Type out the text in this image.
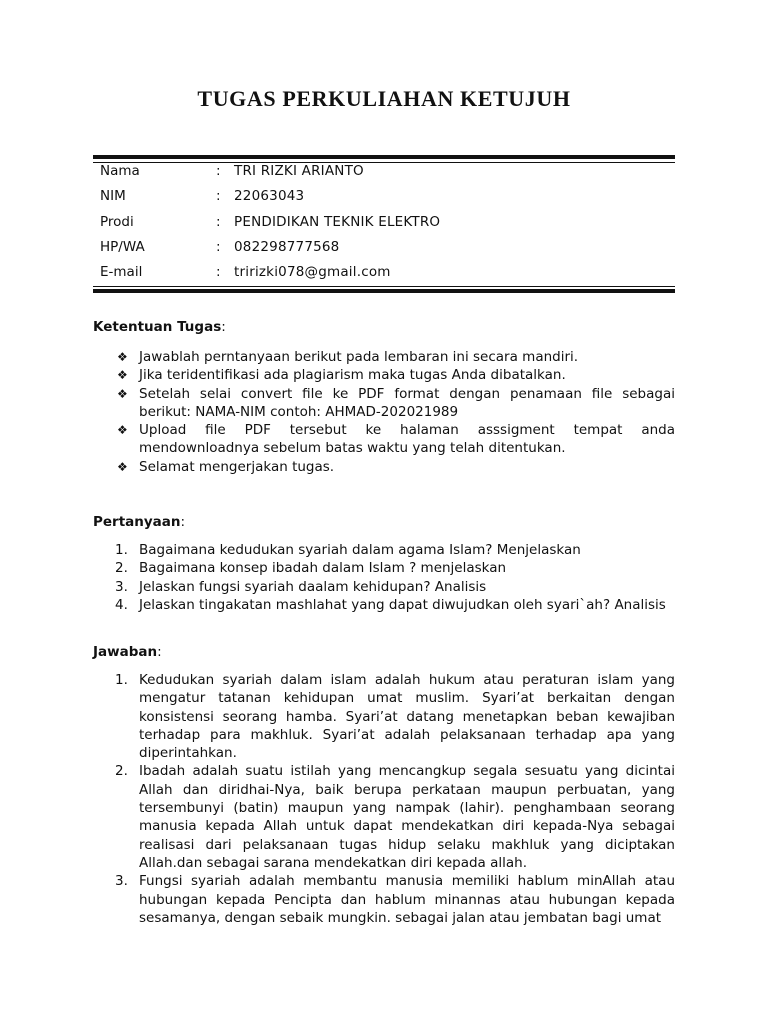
TUGAS PERKULIAHAN KETUJUH
Nama	: TRI RIZKI ARIANTO
NIM	: 22063043
Prodi	: PENDIDIKAN TEKNIK ELEKTRO
HP/WA	: 082298777568
E-mail	: tririzki078@gmail.com
Ketentuan Tugas:
❖ Jawablah perntanyaan berikut pada lembaran ini secara mandiri.
❖ Jika teridentifikasi ada plagiarism maka tugas Anda dibatalkan.
❖ Setelah selai convert file ke PDF format dengan penamaan file sebagai berikut: NAMA-NIM contoh: AHMAD-202021989
❖ Upload file PDF tersebut ke halaman asssigment tempat anda mendownloadnya sebelum batas waktu yang telah ditentukan.
❖ Selamat mengerjakan tugas.
Pertanyaan:
1. Bagaimana kedudukan syariah dalam agama Islam? Menjelaskan
2. Bagaimana konsep ibadah dalam Islam ? menjelaskan
3. Jelaskan fungsi syariah daalam kehidupan? Analisis
4. Jelaskan tingakatan mashlahat yang dapat diwujudkan oleh syari`ah? Analisis
Jawaban:
1. Kedudukan syariah dalam islam adalah hukum atau peraturan islam yang mengatur tatanan kehidupan umat muslim. Syari’at berkaitan dengan konsistensi seorang hamba. Syari’at datang menetapkan beban kewajiban terhadap para makhluk. Syari’at adalah pelaksanaan terhadap apa yang diperintahkan.
2. Ibadah adalah suatu istilah yang mencangkup segala sesuatu yang dicintai Allah dan diridhai-Nya, baik berupa perkataan maupun perbuatan, yang tersembunyi (batin) maupun yang nampak (lahir). penghambaan seorang manusia kepada Allah untuk dapat mendekatkan diri kepada-Nya sebagai realisasi dari pelaksanaan tugas hidup selaku makhluk yang diciptakan Allah.dan sebagai sarana mendekatkan diri kepada allah.
3. Fungsi syariah adalah membantu manusia memiliki hablum minAllah atau hubungan kepada Pencipta dan hablum minannas atau hubungan kepada sesamanya, dengan sebaik mungkin. sebagai jalan atau jembatan bagi umat
